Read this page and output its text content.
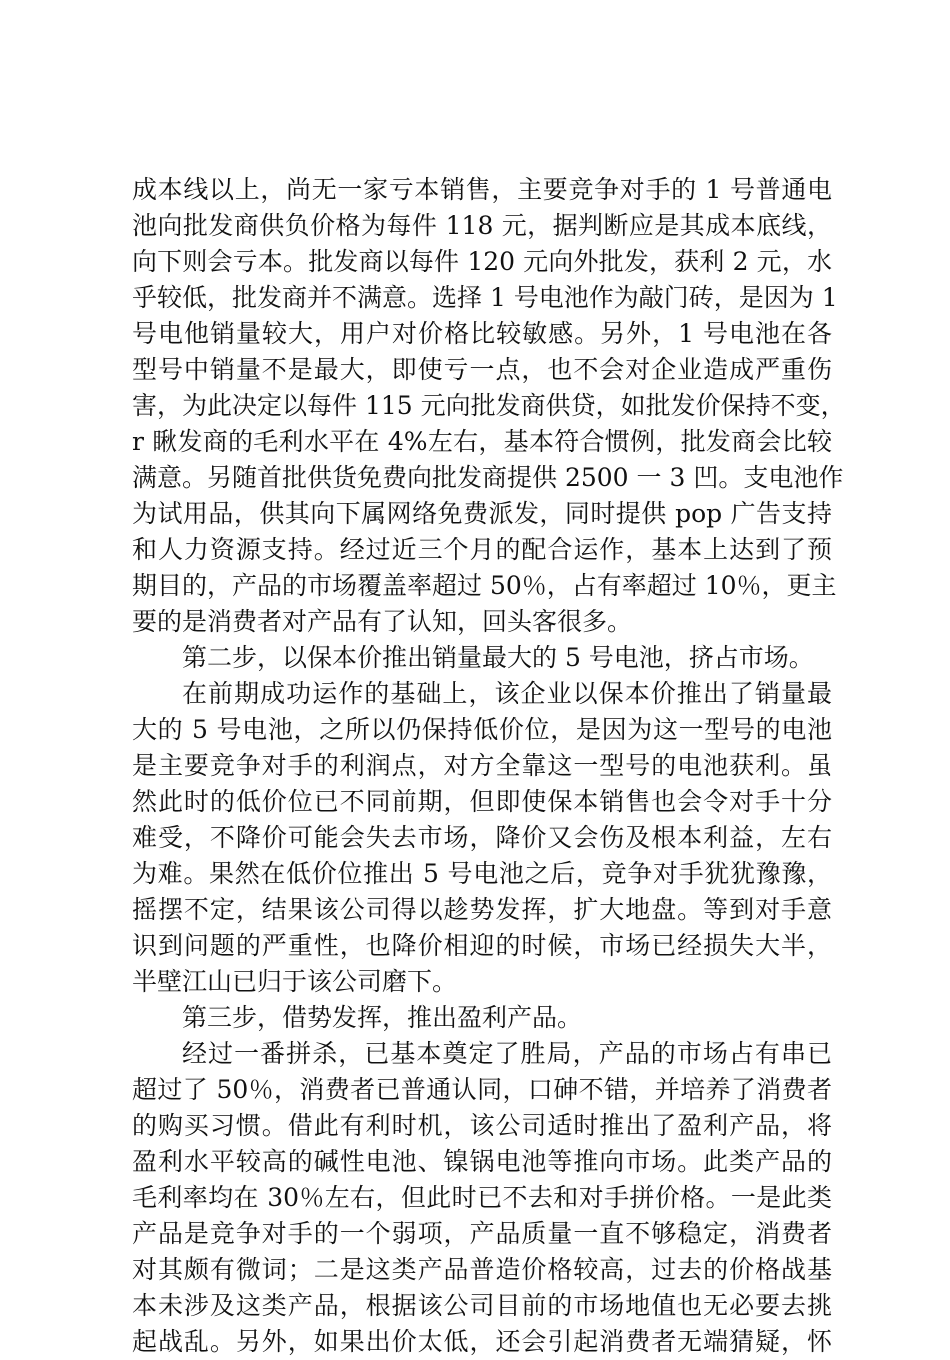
成本线以上，尚无一家亏本销售，主要竞争对手的 1 号普通电
池向批发商供负价格为每件 118 元，据判断应是其成本底线，
向下则会亏本。批发商以每件 120 元向外批发，获利 2 元，水
乎较低，批发商并不满意。选择 1 号电池作为敲门砖，是因为 1
号电他销量较大，用户对价格比较敏感。另外，1 号电池在各
型号中销量不是最大，即使亏一点，也不会对企业造成严重伤
害，为此决定以每件 115 元向批发商供贷，如批发价保持不变，
r 瞅发商的毛利水平在 4%左右，基本符合惯例，批发商会比较
满意。另随首批供货免费向批发商提供 2500 一 3 凹。支电池作
为试用品，供其向下属网络免费派发，同时提供 pop 广告支持
和人力资源支持。经过近三个月的配合运作，基本上达到了预
期目的，产品的市场覆盖率超过 50％，占有率超过 10％，更主
要的是消费者对产品有了认知，回头客很多。
第二步，以保本价推出销量最大的 5 号电池，挤占市场。
在前期成功运作的基础上，该企业以保本价推出了销量最
大的 5 号电池，之所以仍保持低价位，是因为这一型号的电池
是主要竞争对手的利润点，对方全靠这一型号的电池获利。虽
然此时的低价位已不同前期，但即使保本销售也会令对手十分
难受，不降价可能会失去市场，降价又会伤及根本利益，左右
为难。果然在低价位推出 5 号电池之后，竞争对手犹犹豫豫，
摇摆不定，结果该公司得以趁势发挥，扩大地盘。等到对手意
识到问题的严重性，也降价相迎的时候，市场已经损失大半，
半壁江山已归于该公司磨下。
第三步，借势发挥，推出盈利产品。
经过一番拼杀，已基本奠定了胜局，产品的市场占有串已
超过了 50％，消费者已普通认同，口砷不错，并培养了消费者
的购买习惯。借此有利时机，该公司适时推出了盈利产品，将
盈利水平较高的碱性电池、镍锅电池等推向市场。此类产品的
毛利率均在 30％左右，但此时已不去和对手拼价格。一是此类
产品是竞争对手的一个弱项，产品质量一直不够稳定，消费者
对其颇有微词；二是这类产品普造价格较高，过去的价格战基
本未涉及这类产品，根据该公司目前的市场地值也无必要去挑
起战乱。另外，如果出价太低，还会引起消费者无端猜疑，怀
